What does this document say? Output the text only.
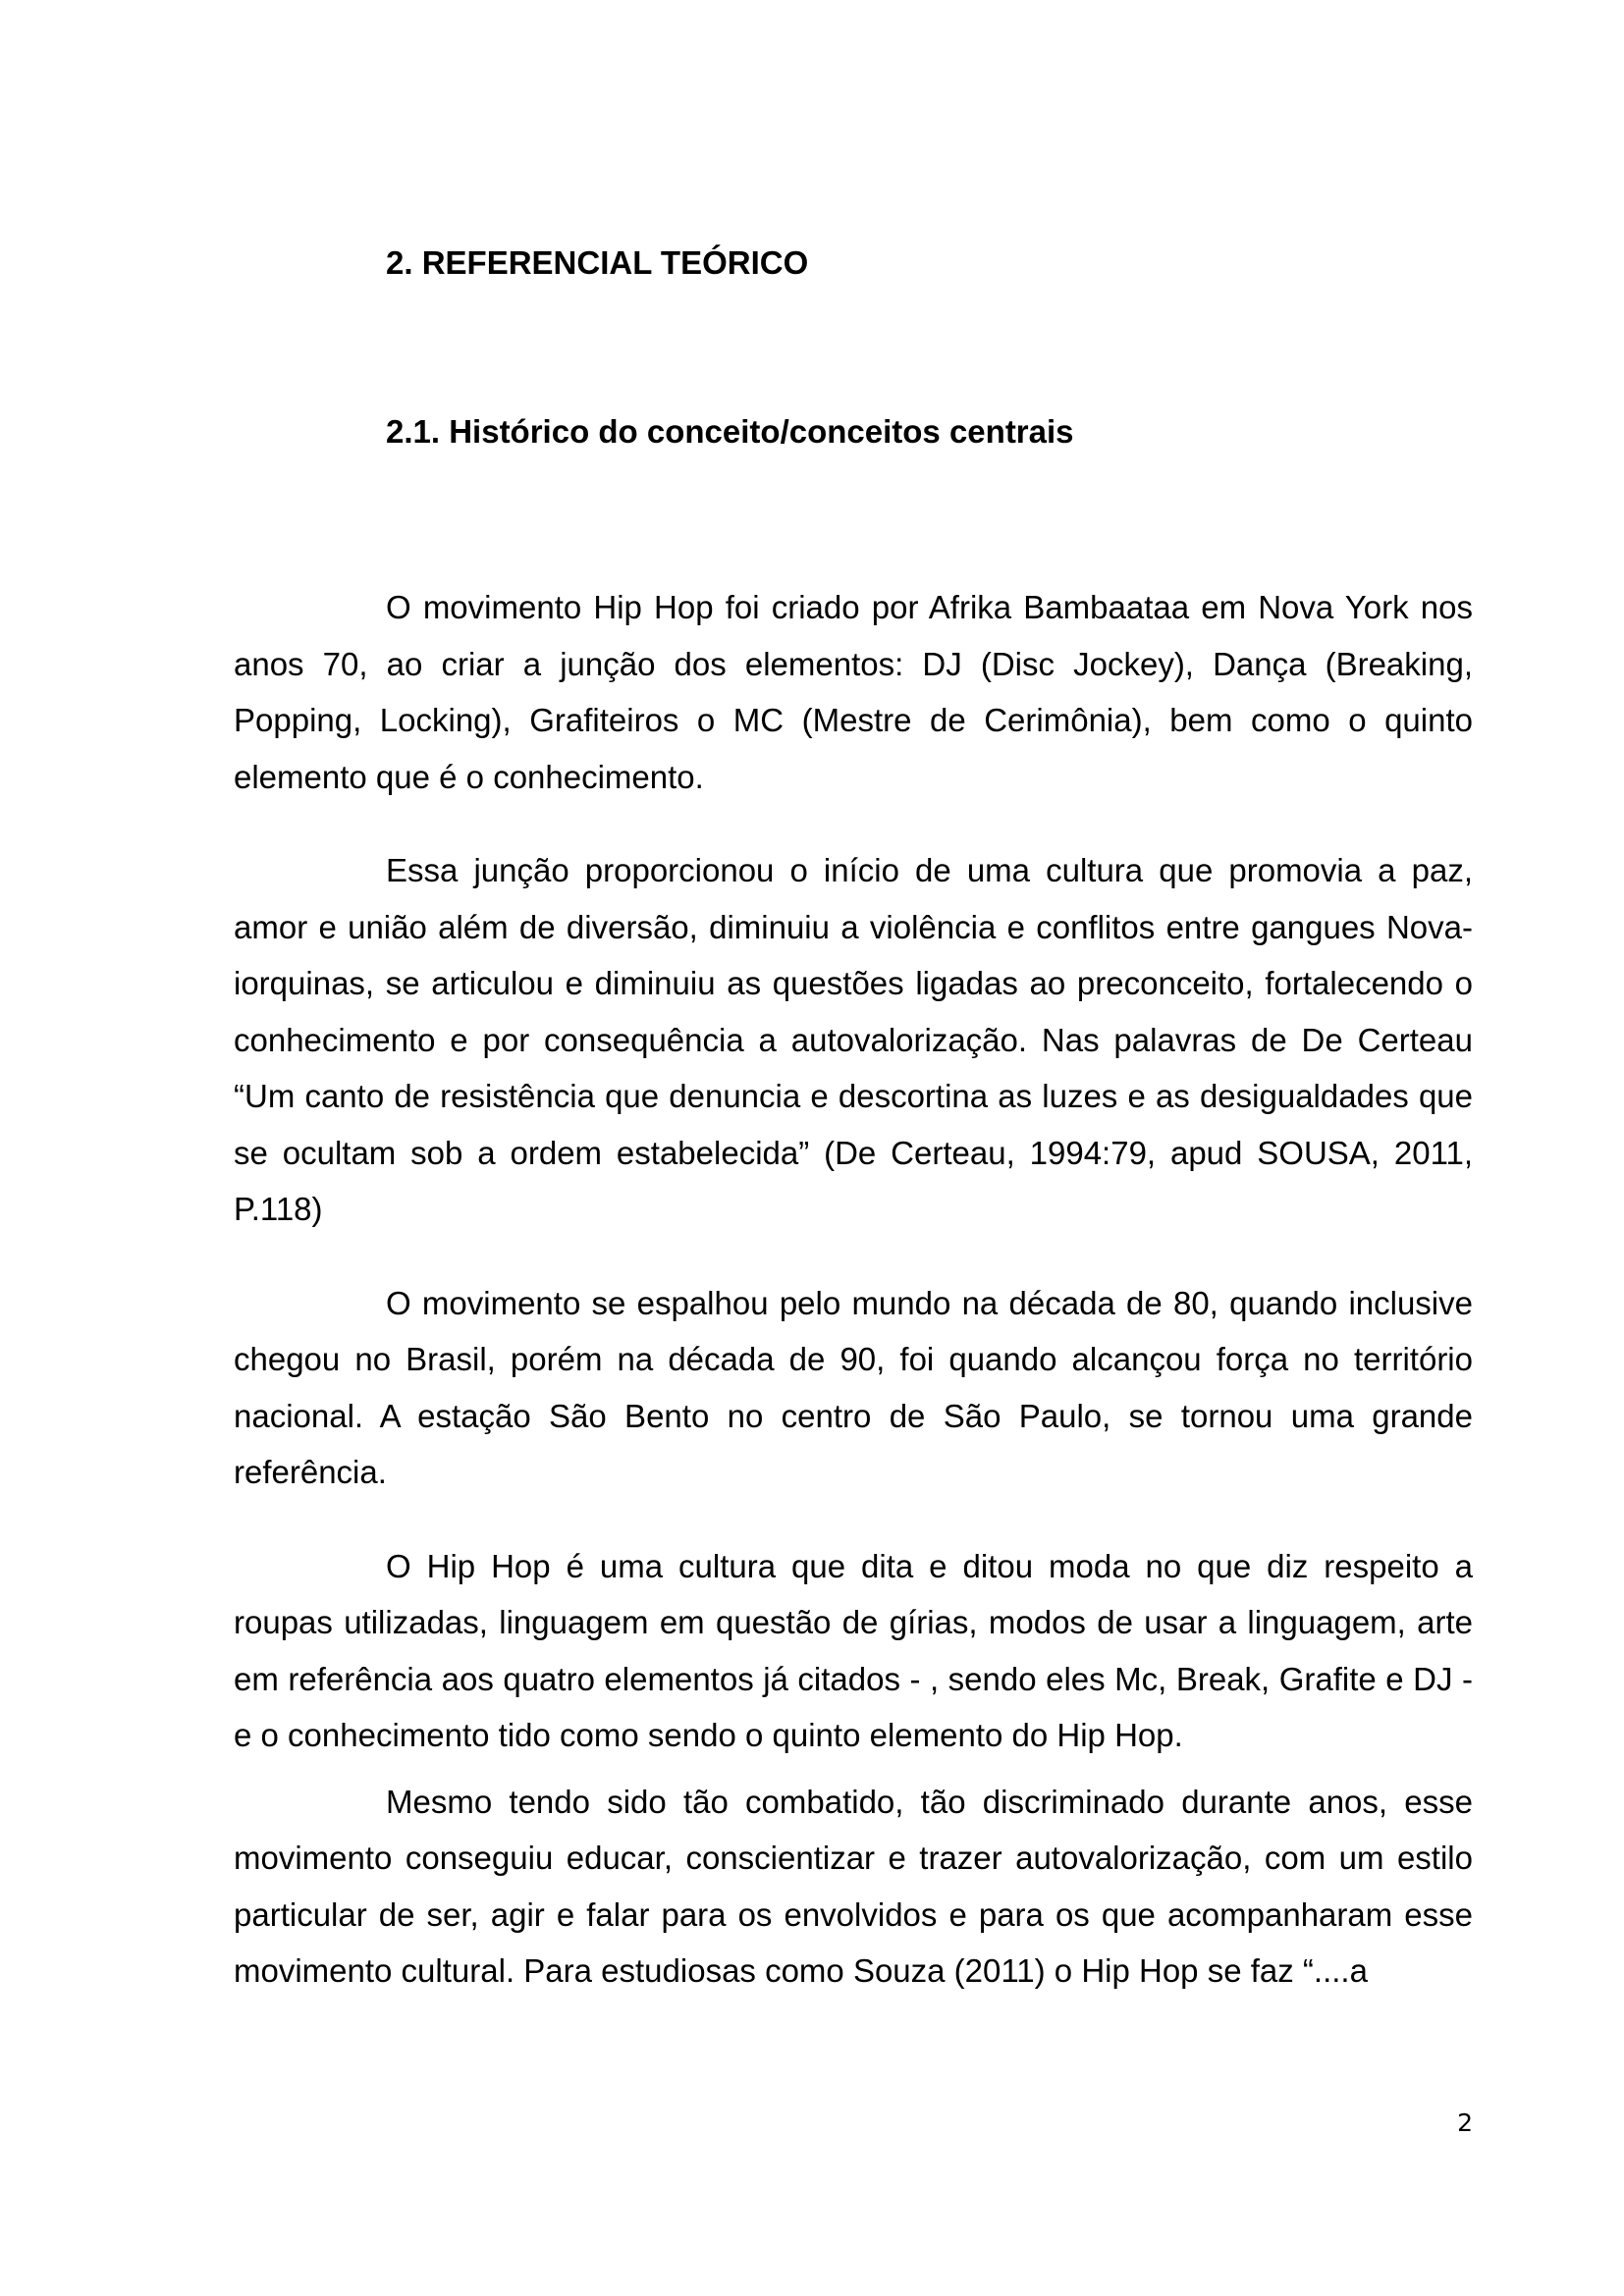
2. REFERENCIAL TEÓRICO
2.1. Histórico do conceito/conceitos centrais

O movimento Hip Hop foi criado por Afrika Bambaataa em Nova York nos anos 70, ao criar a junção dos elementos: DJ (Disc Jockey), Dança (Breaking, Popping, Locking), Grafiteiros o MC (Mestre de Cerimônia), bem como o quinto elemento que é o conhecimento.

Essa junção proporcionou o início de uma cultura que promovia a paz, amor e união além de diversão, diminuiu a violência e conflitos entre gangues Nova-iorquinas, se articulou e diminuiu as questões ligadas ao preconceito, fortalecendo o conhecimento e por consequência a autovalorização. Nas palavras de De Certeau “Um canto de resistência que denuncia e descortina as luzes e as desigualdades que se ocultam sob a ordem estabelecida” (De Certeau, 1994:79, apud SOUSA, 2011, P.118)

O movimento se espalhou pelo mundo na década de 80, quando inclusive chegou no Brasil, porém na década de 90, foi quando alcançou força no território nacional. A estação São Bento no centro de São Paulo, se tornou uma grande referência.

O Hip Hop é uma cultura que dita e ditou moda no que diz respeito a roupas utilizadas, linguagem em questão de gírias, modos de usar a linguagem, arte em referência aos quatro elementos já citados - , sendo eles Mc, Break, Grafite e DJ - e o conhecimento tido como sendo o quinto elemento do Hip Hop.

Mesmo tendo sido tão combatido, tão discriminado durante anos, esse movimento conseguiu educar, conscientizar e trazer autovalorização, com um estilo particular de ser, agir e falar para os envolvidos e para os que acompanharam esse movimento cultural. Para estudiosas como Souza (2011) o Hip Hop se faz “....a

2
